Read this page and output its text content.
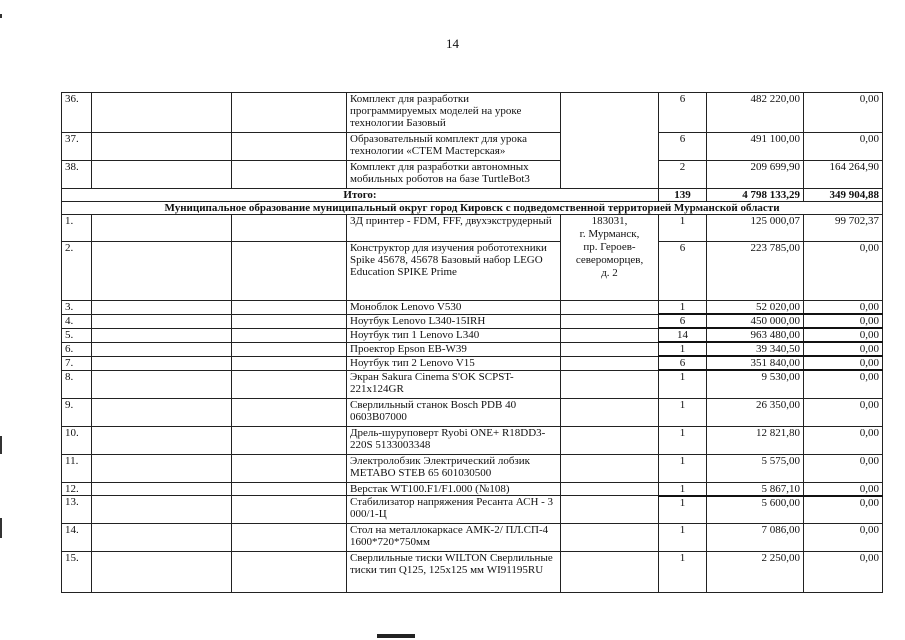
14
36.			Комплект для разработки программируемых моделей на уроке технологии Базовый		6	482 220,00	0,00
37.			Образовательный комплект для урока технологии «СТЕМ Мастерская»		6	491 100,00	0,00
38.			Комплект для разработки автономных мобильных роботов на базе TurtleBot3		2	209 699,90	164 264,90
Итого:					139	4 798 133,29	349 904,88
Муниципальное образование муниципальный округ город Кировск с подведомственной территорией Мурманской области							
1.			3Д принтер - FDM, FFF, двухэкструдерный	183031,
г. Мурманск,
пр. Героев-
североморцев,
д. 2	1	125 000,07	99 702,37
2.			Конструктор для изучения робототехники Spike 45678, 45678 Базовый набор LEGO Education SPIKE Prime		6	223 785,00	0,00
3.			Моноблок Lenovo V530		1	52 020,00	0,00
4.			Ноутбук Lenovo L340-15IRH		6	450 000,00	0,00
5.			Ноутбук тип 1 Lenovo L340		14	963 480,00	0,00
6.			Проектор Epson EB-W39		1	39 340,50	0,00
7.			Ноутбук тип 2 Lenovo V15		6	351 840,00	0,00
8.			Экран Sakura Cinema S'OK SCPST-221x124GR		1	9 530,00	0,00
9.			Сверлильный станок Bosch PDB 40 0603B07000		1	26 350,00	0,00
10.			Дрель-шуруповерт Ryobi ONE+ R18DD3-220S 5133003348		1	12 821,80	0,00
11.			Электролобзик Электрический лобзик METABO STEB 65 601030500		1	5 575,00	0,00
12.			Верстак WT100.F1/F1.000 (№108)		1	5 867,10	0,00
13.			Стабилизатор напряжения Ресанта АСН - 3 000/1-Ц		1	5 600,00	0,00
14.			Стол на металлокаркасе АМК-2/ ПЛ.СП-4 1600*720*750мм		1	7 086,00	0,00
15.			Сверлильные тиски WILTON Сверлильные тиски тип Q125, 125х125 мм WI91195RU		1	2 250,00	0,00
